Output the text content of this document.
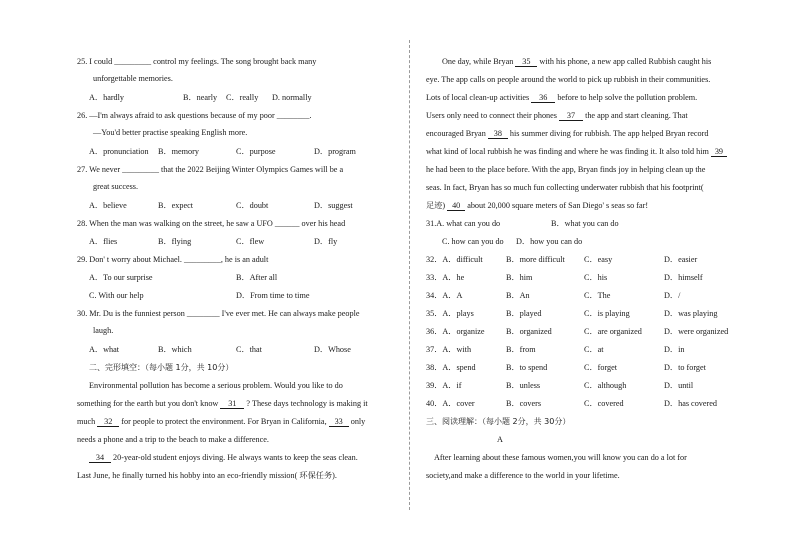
25. I could _________ control my feelings. The song brought back many
unforgettable memories.
A．hardly	B．nearly C．really D. normally
26. —I'm always afraid to ask questions because of my poor ________.
—You'd better practise speaking English more.
A．pronunciation B．memory	C．purpose	D．program
27. We never _________ that the 2022 Beijing Winter Olympics Games will be a
great success.
A．believe	B．expect	C．doubt	D．suggest
28. When the man was walking on the street, he saw a UFO ______ over his head
A．flies	B．flying	C．flew	D．fly
29. Don' t worry about Michael. _________, he is an adult
A．To our surprise	B．After all
C. With our help	D．From time to time
30. Mr. Du is the funniest person ________ I've ever met. He can always make people
laugh.
A．what	B．which	C．that	D．Whose
二、完形填空：（每小题 1分，共 10分）
Environmental pollution has become a serious problem. Would you like to do
something for the earth but you don't know 31 ? These days technology is making it
much 32 for people to protect the environment. For Bryan in California, 33 only
needs a phone and a trip to the beach to make a difference.
34 20-year-old student enjoys diving. He always wants to keep the seas clean.
Last June, he finally turned his hobby into an eco-friendly mission( 环保任务).
One day, while Bryan 35 with his phone, a new app called Rubbish caught his
eye. The app calls on people around the world to pick up rubbish in their communities.
Lots of local clean-up activities 36 before to help solve the pollution problem.
Users only need to connect their phones 37 the app and start cleaning. That
encouraged Bryan 38 his summer diving for rubbish. The app helped Bryan record
what kind of local rubbish he was finding and where he was finding it. It also told him 39
he had been to the place before. With the app, Bryan finds joy in helping clean up the
seas. In fact, Bryan has so much fun collecting underwater rubbish that his footprint(
足迹) 40 about 20,000 square meters of San Diego' s seas so far!
31.A. what can you do	B．what you can do
C. how can you do D．how you can do
32．A．difficult	B．more difficult C．easy	D．easier
33．A．he	B．him	C．his	D．himself
34．A．A	B．An	C．The	D．/
35．A．plays	B．played	C．is playing	D．was playing
36．A．organize	B．organized	C．are organized	D．were organized
37．A．with	B．from	C．at	D．in
38．A．spend	B．to spend	C．forget	D．to forget
39．A．if	B．unless	C．although	D．until
40．A．cover	B．covers	C．covered	D．has covered
三、阅读理解：（每小题 2分，共 30分）
A
After learning about these famous women,you will know you can do a lot for
society,and make a difference to the world in your lifetime.
